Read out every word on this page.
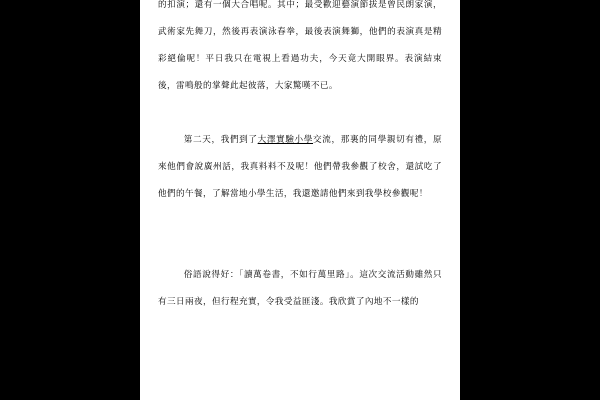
的扣演；還有一個大合唱呢。其中；最受歡迎藝演節拔是曾民朗家演，武術家先舞刀，然後再表演泳春拳，最後表演舞獅，他們的表演真是精彩絕倫呢！平日我只在電視上看過功夫，今天竟大開眼界。表演結束後，雷鳴般的掌聲此起彼落，大家驚嘆不已。

第二天，我們到了大澤實驗小學交流，那裏的同學親切有禮，原來他們會說廣州話，我真料料不及呢！他們帶我參觀了校舍，還試吃了他們的午餐，了解當地小學生活，我還邀請他們來到我學校參觀呢！

俗語說得好：「讀萬卷書，不如行萬里路」。這次交流活動雖然只有三日兩夜，但行程充實，令我受益匪淺。我欣賞了內地不一樣的
